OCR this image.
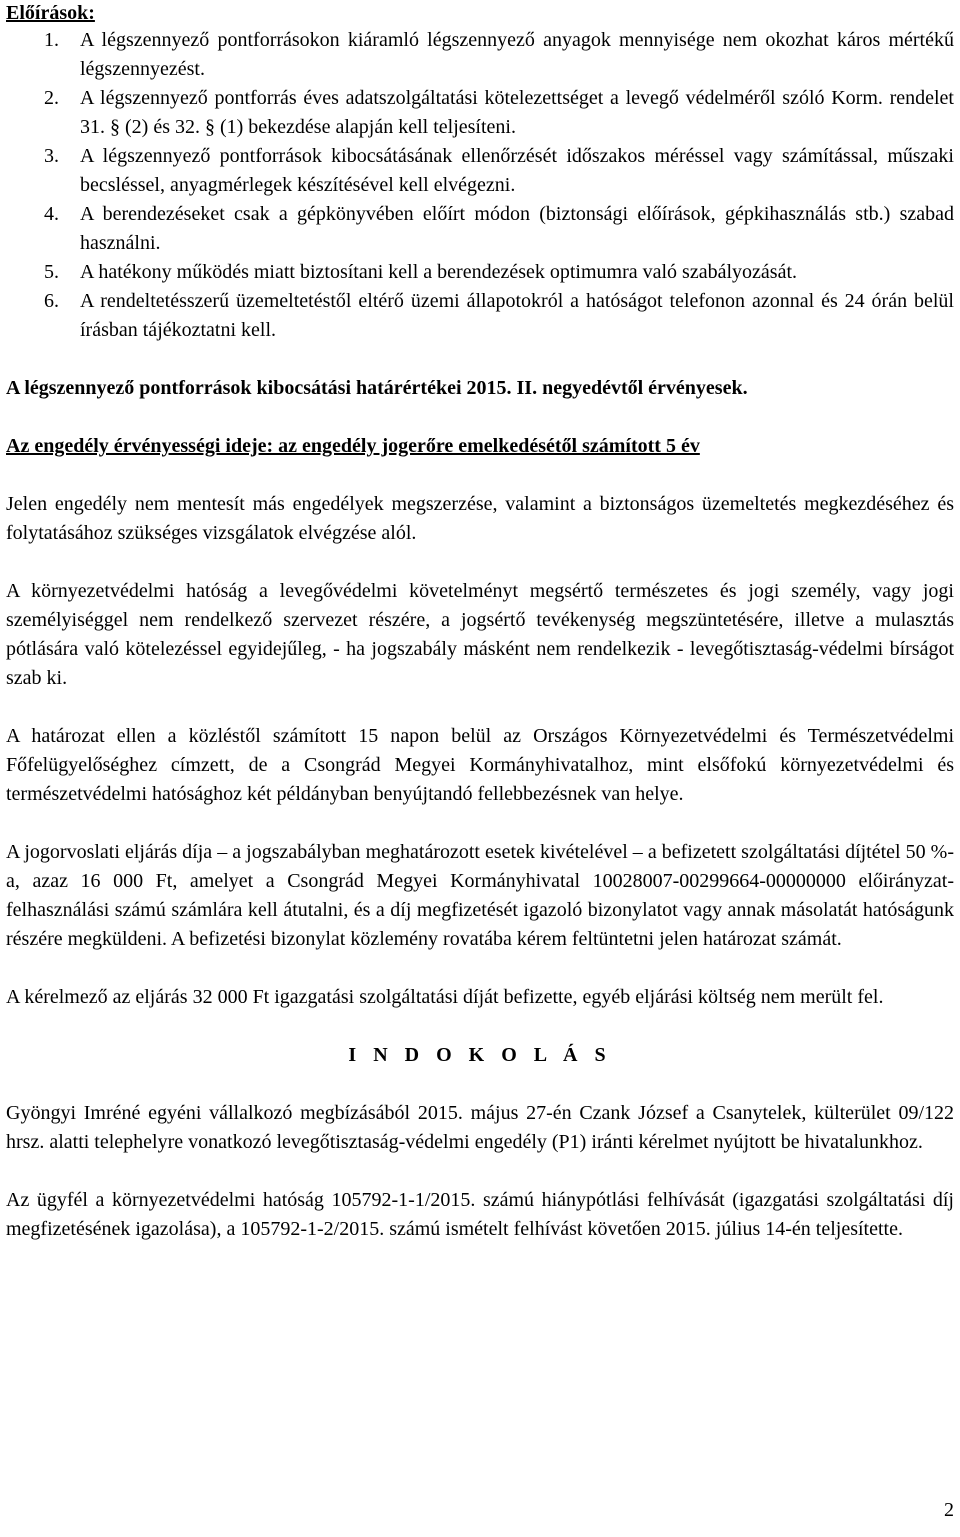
Előírások:
1. A légszennyező pontforrásokon kiáramló légszennyező anyagok mennyisége nem okozhat káros mértékű légszennyezést.
2. A légszennyező pontforrás éves adatszolgáltatási kötelezettséget a levegő védelméről szóló Korm. rendelet 31. § (2) és 32. § (1) bekezdése alapján kell teljesíteni.
3. A légszennyező pontforrások kibocsátásának ellenőrzését időszakos méréssel vagy számítással, műszaki becsléssel, anyagmérlegek készítésével kell elvégezni.
4. A berendezéseket csak a gépkönyvében előírt módon (biztonsági előírások, gépkihasználás stb.) szabad használni.
5. A hatékony működés miatt biztosítani kell a berendezések optimumra való szabályozását.
6. A rendeltetésszerű üzemeltetéstől eltérő üzemi állapotokról a hatóságot telefonon azonnal és 24 órán belül írásban tájékoztatni kell.

A légszennyező pontforrások kibocsátási határértékei 2015. II. negyedévtől érvényesek.

Az engedély érvényességi ideje: az engedély jogerőre emelkedésétől számított 5 év

Jelen engedély nem mentesít más engedélyek megszerzése, valamint a biztonságos üzemeltetés megkezdéséhez és folytatásához szükséges vizsgálatok elvégzése alól.

A környezetvédelmi hatóság a levegővédelmi követelményt megsértő természetes és jogi személy, vagy jogi személyiséggel nem rendelkező szervezet részére, a jogsértő tevékenység megszüntetésére, illetve a mulasztás pótlására való kötelezéssel egyidejűleg, - ha jogszabály másként nem rendelkezik - levegőtisztaság-védelmi bírságot szab ki.

A határozat ellen a közléstől számított 15 napon belül az Országos Környezetvédelmi és Természetvédelmi Főfelügyelőséghez címzett, de a Csongrád Megyei Kormányhivatalhoz, mint elsőfokú környezetvédelmi és természetvédelmi hatósághoz két példányban benyújtandó fellebbezésnek van helye.

A jogorvoslati eljárás díja – a jogszabályban meghatározott esetek kivételével – a befizetett szolgáltatási díjtétel 50 %-a, azaz 16 000 Ft, amelyet a Csongrád Megyei Kormányhivatal 10028007-00299664-00000000 előirányzat-felhasználási számú számlára kell átutalni, és a díj megfizetését igazoló bizonylatot vagy annak másolatát hatóságunk részére megküldeni. A befizetési bizonylat közlemény rovatába kérem feltüntetni jelen határozat számát.

A kérelmező az eljárás 32 000 Ft igazgatási szolgáltatási díját befizette, egyéb eljárási költség nem merült fel.

I N D O K O L Á S

Gyöngyi Imréné egyéni vállalkozó megbízásából 2015. május 27-én Czank József a Csanytelek, külterület 09/122 hrsz. alatti telephelyre vonatkozó levegőtisztaság-védelmi engedély (P1) iránti kérelmet nyújtott be hivatalunkhoz.

Az ügyfél a környezetvédelmi hatóság 105792-1-1/2015. számú hiánypótlási felhívását (igazgatási szolgáltatási díj megfizetésének igazolása), a 105792-1-2/2015. számú ismételt felhívást követően 2015. július 14-én teljesítette.

2
